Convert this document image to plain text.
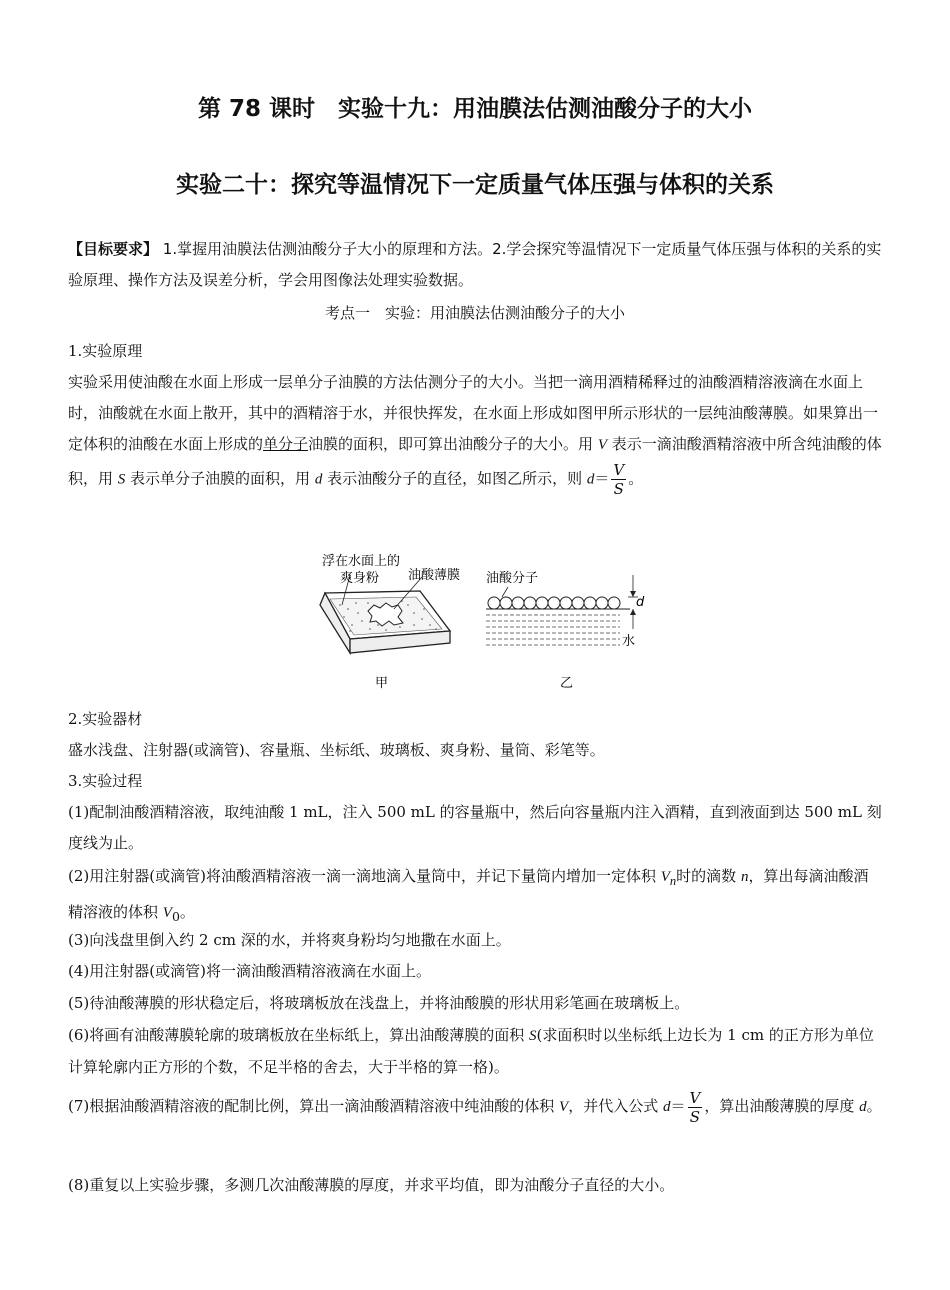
第 78 课时　实验十九：用油膜法估测油酸分子的大小
实验二十：探究等温情况下一定质量气体压强与体积的关系
【目标要求】 1.掌握用油膜法估测油酸分子大小的原理和方法。2.学会探究等温情况下一定质量气体压强与体积的关系的实验原理、操作方法及误差分析，学会用图像法处理实验数据。
考点一　实验：用油膜法估测油酸分子的大小
1.实验原理
实验采用使油酸在水面上形成一层单分子油膜的方法估测分子的大小。当把一滴用酒精稀释过的油酸酒精溶液滴在水面上时，油酸就在水面上散开，其中的酒精溶于水，并很快挥发，在水面上形成如图甲所示形状的一层纯油酸薄膜。如果算出一定体积的油酸在水面上形成的单分子油膜的面积，即可算出油酸分子的大小。用 V 表示一滴油酸酒精溶液中所含纯油酸的体积，用 S 表示单分子油膜的面积，用 d 表示油酸分子的直径，如图乙所示，则 $d= \frac{V}{S}$ 。
浮在水面上的
爽身粉 油酸薄膜
甲
油酸分子
d
水
乙
2.实验器材
盛水浅盘、注射器(或滴管)、容量瓶、坐标纸、玻璃板、爽身粉、量筒、彩笔等。
3.实验过程
(1)配制油酸酒精溶液，取纯油酸 1 mL，注入 500 mL 的容量瓶中，然后向容量瓶内注入酒精，直到液面到达 500 mL 刻度线为止。
(2)用注射器(或滴管)将油酸酒精溶液一滴一滴地滴入量筒中，并记下量筒内增加一定体积 $V_n$时的滴数 n，算出每滴油酸酒精溶液的体积 $V_0$。
(3)向浅盘里倒入约 2 cm 深的水，并将爽身粉均匀地撒在水面上。
(4)用注射器(或滴管)将一滴油酸酒精溶液滴在水面上。
(5)待油酸薄膜的形状稳定后，将玻璃板放在浅盘上，并将油酸膜的形状用彩笔画在玻璃板上。
(6)将画有油酸薄膜轮廓的玻璃板放在坐标纸上，算出油酸薄膜的面积 S(求面积时以坐标纸上边长为 1 cm 的正方形为单位计算轮廓内正方形的个数，不足半格的舍去，大于半格的算一格)。
(7)根据油酸酒精溶液的配制比例，算出一滴油酸酒精溶液中纯油酸的体积 V，并代入公式 $d= \frac{V}{S}$ ，算出油酸薄膜的厚度 d。
(8)重复以上实验步骤，多测几次油酸薄膜的厚度，并求平均值，即为油酸分子直径的大小。
